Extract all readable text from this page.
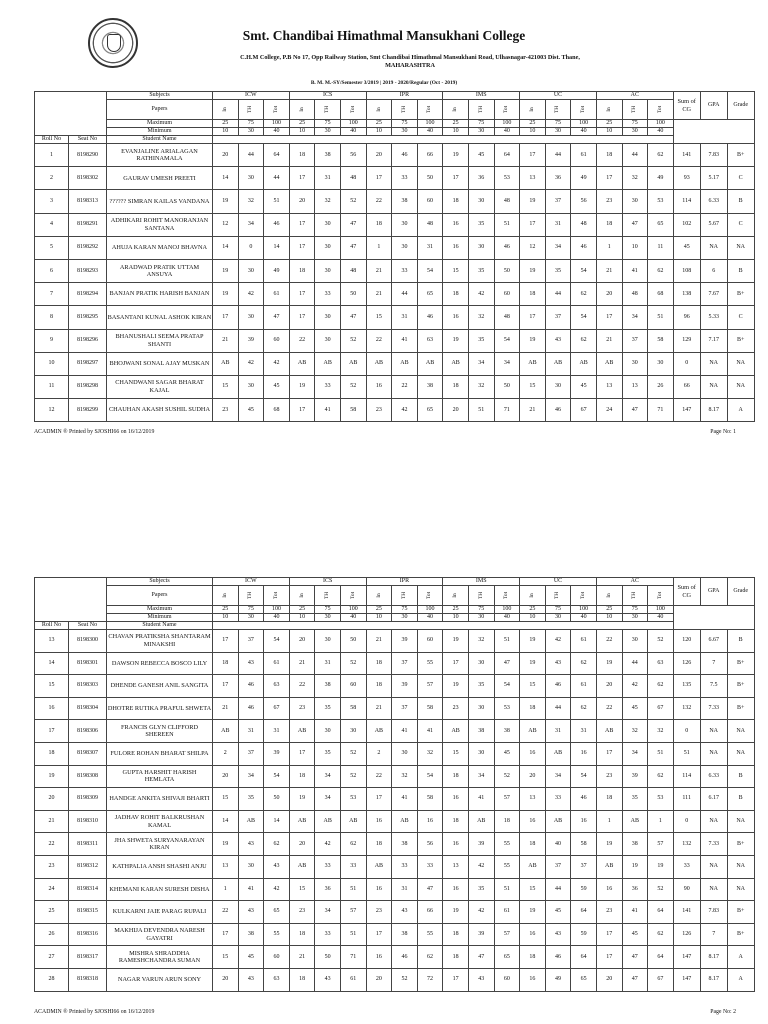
Smt. Chandibai Himathmal Mansukhani College
C.H.M College, P.B No 17, Opp Railway Station, Smt Chandibai Himathmal Mansukhani Road, Ulhasnagar-421003 Dist. Thane,
MAHARASHTRA
B. M. M.-SY/Semester 3/2019 | 2019 - 2020/Regular (Oct - 2019)
		Subjects	ICW			ICS			IPR			IMS			UC			AC			Sum of CG	GPA	Grade
		Papers	In	TH	Tot	In	TH	Tot	In	TH	Tot	In	TH	Tot	In	TH	Tot	In	TH	Tot			
		Maximum	25	75	100	25	75	100	25	75	100	25	75	100	25	75	100	25	75	100			
		Minimum	10	30	40	10	30	40	10	30	40	10	30	40	10	30	40	10	30	40			
Roll No	Seat No	Student Name																					
1	8198290	EVANJALINE ARIALAGAN RATHINAMALA	20	44	64	18	38	56	20	46	66	19	45	64	17	44	61	18	44	62	141	7.83	B+
2	8198302	GAURAV UMESH PREETI	14	30	44	17	31	48	17	33	50	17	36	53	13	36	49	17	32	49	93	5.17	C
3	8198313	?????? SIMRAN KAILAS VANDANA	19	32	51	20	32	52	22	38	60	18	30	48	19	37	56	23	30	53	114	6.33	B
4	8198291	ADHIKARI ROHIT MANORANJAN SANTANA	12	34	46	17	30	47	18	30	48	16	35	51	17	31	48	18	47	65	102	5.67	C
5	8198292	AHUJA KARAN MANOJ BHAVNA	14	0	14	17	30	47	1	30	31	16	30	46	12	34	46	1	10	11	45	NA	NA
6	8198293	ARADWAD PRATIK UTTAM ANSUYA	19	30	49	18	30	48	21	33	54	15	35	50	19	35	54	21	41	62	108	6	B
7	8198294	BANJAN PRATIK HARISH BANJAN	19	42	61	17	33	50	21	44	65	18	42	60	18	44	62	20	48	68	138	7.67	B+
8	8198295	BASANTANI KUNAL ASHOK KIRAN	17	30	47	17	30	47	15	31	46	16	32	48	17	37	54	17	34	51	96	5.33	C
9	8198296	BHANUSHALI SEEMA PRATAP SHANTI	21	39	60	22	30	52	22	41	63	19	35	54	19	43	62	21	37	58	129	7.17	B+
10	8198297	BHOJWANI SONAL AJAY MUSKAN	AB	42	42	AB	AB	AB	AB	AB	AB	AB	34	34	AB	AB	AB	AB	30	30	0	NA	NA
11	8198298	CHANDWANI SAGAR BHARAT KAJAL	15	30	45	19	33	52	16	22	38	18	32	50	15	30	45	13	13	26	66	NA	NA
12	8198299	CHAUHAN AKASH SUSHIL SUDHA	23	45	68	17	41	58	23	42	65	20	51	71	21	46	67	24	47	71	147	8.17	A
ACADMIN ® Printed by SJOSHI66 on 16/12/2019	Page No: 1
		Subjects	ICW			ICS			IPR			IMS			UC			AC			Sum of CG	GPA	Grade
		Papers	In	TH	Tot	In	TH	Tot	In	TH	Tot	In	TH	Tot	In	TH	Tot	In	TH	Tot			
		Maximum	25	75	100	25	75	100	25	75	100	25	75	100	25	75	100	25	75	100			
		Minimum	10	30	40	10	30	40	10	30	40	10	30	40	10	30	40	10	30	40			
Roll No	Seat No	Student Name																					
13	8198300	CHAVAN PRATIKSHA SHANTARAM MINAKSHI	17	37	54	20	30	50	21	39	60	19	32	51	19	42	61	22	30	52	120	6.67	B
14	8198301	DAWSON REBECCA BOSCO LILY	18	43	61	21	31	52	18	37	55	17	30	47	19	43	62	19	44	63	126	7	B+
15	8198303	DHENDE GANESH ANIL SANGITA	17	46	63	22	38	60	18	39	57	19	35	54	15	46	61	20	42	62	135	7.5	B+
16	8198304	DHOTRE RUTIKA PRAFUL SHWETA	21	46	67	23	35	58	21	37	58	23	30	53	18	44	62	22	45	67	132	7.33	B+
17	8198306	FRANCIS GLYN CLIFFORD SHEREEN	AB	31	31	AB	30	30	AB	41	41	AB	38	38	AB	31	31	AB	32	32	0	NA	NA
18	8198307	FULORE ROHAN BHARAT SHILPA	2	37	39	17	35	52	2	30	32	15	30	45	16	AB	16	17	34	51	51	NA	NA
19	8198308	GUPTA HARSHIT HARISH HEMLATA	20	34	54	18	34	52	22	32	54	18	34	52	20	34	54	23	39	62	114	6.33	B
20	8198309	HANDGE ANKITA SHIVAJI BHARTI	15	35	50	19	34	53	17	41	58	16	41	57	13	33	46	18	35	53	111	6.17	B
21	8198310	JADHAV ROHIT BALKRUSHAN KAMAL	14	AB	14	AB	AB	AB	16	AB	16	18	AB	18	16	AB	16	1	AB	1	0	NA	NA
22	8198311	JHA SHWETA SURYANARAYAN KIRAN	19	43	62	20	42	62	18	38	56	16	39	55	18	40	58	19	38	57	132	7.33	B+
23	8198312	KATHPALIA ANSH SHASHI ANJU	13	30	43	AB	33	33	AB	33	33	13	42	55	AB	37	37	AB	19	19	33	NA	NA
24	8198314	KHEMANI KARAN SURESH DISHA	1	41	42	15	36	51	16	31	47	16	35	51	15	44	59	16	36	52	90	NA	NA
25	8198315	KULKARNI JAIE PARAG RUPALI	22	43	65	23	34	57	23	43	66	19	42	61	19	45	64	23	41	64	141	7.83	B+
26	8198316	MAKHIJA DEVENDRA NARESH GAYATRI	17	38	55	18	33	51	17	38	55	18	39	57	16	43	59	17	45	62	126	7	B+
27	8198317	MISHRA SHRADDHA RAMESHCHANDRA SUMAN	15	45	60	21	50	71	16	46	62	18	47	65	18	46	64	17	47	64	147	8.17	A
28	8198318	NAGAR VARUN ARUN SONY	20	43	63	18	43	61	20	52	72	17	43	60	16	49	65	20	47	67	147	8.17	A
ACADMIN ® Printed by SJOSHI66 on 16/12/2019	Page No: 2
